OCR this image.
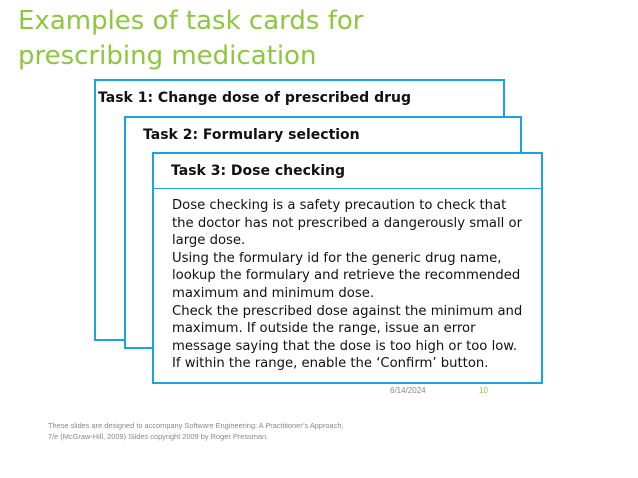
Examples of task cards for
prescribing medication
Task 1: Change dose of prescribed drug
Task 2: Formulary selection
Task 3: Dose checking
Dose checking is a safety precaution to check that
the doctor has not prescribed a dangerously small or
large dose.
Using the formulary id for the generic drug name,
lookup the formulary and retrieve the recommended
maximum and minimum dose.
Check the prescribed dose against the minimum and
maximum. If outside the range, issue an error
message saying that the dose is too high or too low.
If within the range, enable the ‘Confirm’ button.
6/14/2024	10
These slides are designed to accompany Software Engineering: A Practitioner’s Approach,
7/e (McGraw-Hill, 2009) Slides copyright 2009 by Roger Pressman.
